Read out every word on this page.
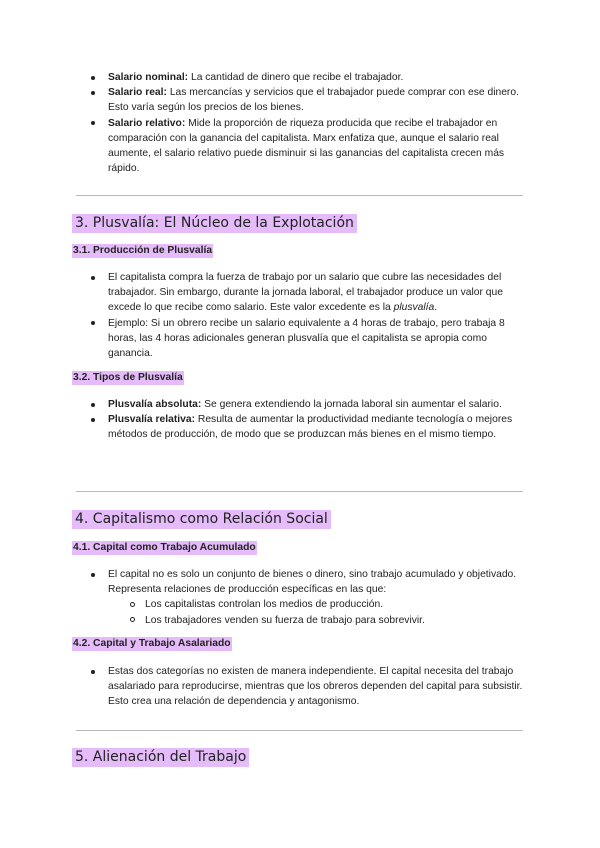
Salario nominal: La cantidad de dinero que recibe el trabajador.
Salario real: Las mercancías y servicios que el trabajador puede comprar con ese dinero. Esto varía según los precios de los bienes.
Salario relativo: Mide la proporción de riqueza producida que recibe el trabajador en comparación con la ganancia del capitalista. Marx enfatiza que, aunque el salario real aumente, el salario relativo puede disminuir si las ganancias del capitalista crecen más rápido.
3. Plusvalía: El Núcleo de la Explotación
3.1. Producción de Plusvalía
El capitalista compra la fuerza de trabajo por un salario que cubre las necesidades del trabajador. Sin embargo, durante la jornada laboral, el trabajador produce un valor que excede lo que recibe como salario. Este valor excedente es la plusvalía.
Ejemplo: Si un obrero recibe un salario equivalente a 4 horas de trabajo, pero trabaja 8 horas, las 4 horas adicionales generan plusvalía que el capitalista se apropia como ganancia.
3.2. Tipos de Plusvalía
Plusvalía absoluta: Se genera extendiendo la jornada laboral sin aumentar el salario.
Plusvalía relativa: Resulta de aumentar la productividad mediante tecnología o mejores métodos de producción, de modo que se produzcan más bienes en el mismo tiempo.
4. Capitalismo como Relación Social
4.1. Capital como Trabajo Acumulado
El capital no es solo un conjunto de bienes o dinero, sino trabajo acumulado y objetivado. Representa relaciones de producción específicas en las que:
Los capitalistas controlan los medios de producción.
Los trabajadores venden su fuerza de trabajo para sobrevivir.
4.2. Capital y Trabajo Asalariado
Estas dos categorías no existen de manera independiente. El capital necesita del trabajo asalariado para reproducirse, mientras que los obreros dependen del capital para subsistir. Esto crea una relación de dependencia y antagonismo.
5. Alienación del Trabajo
